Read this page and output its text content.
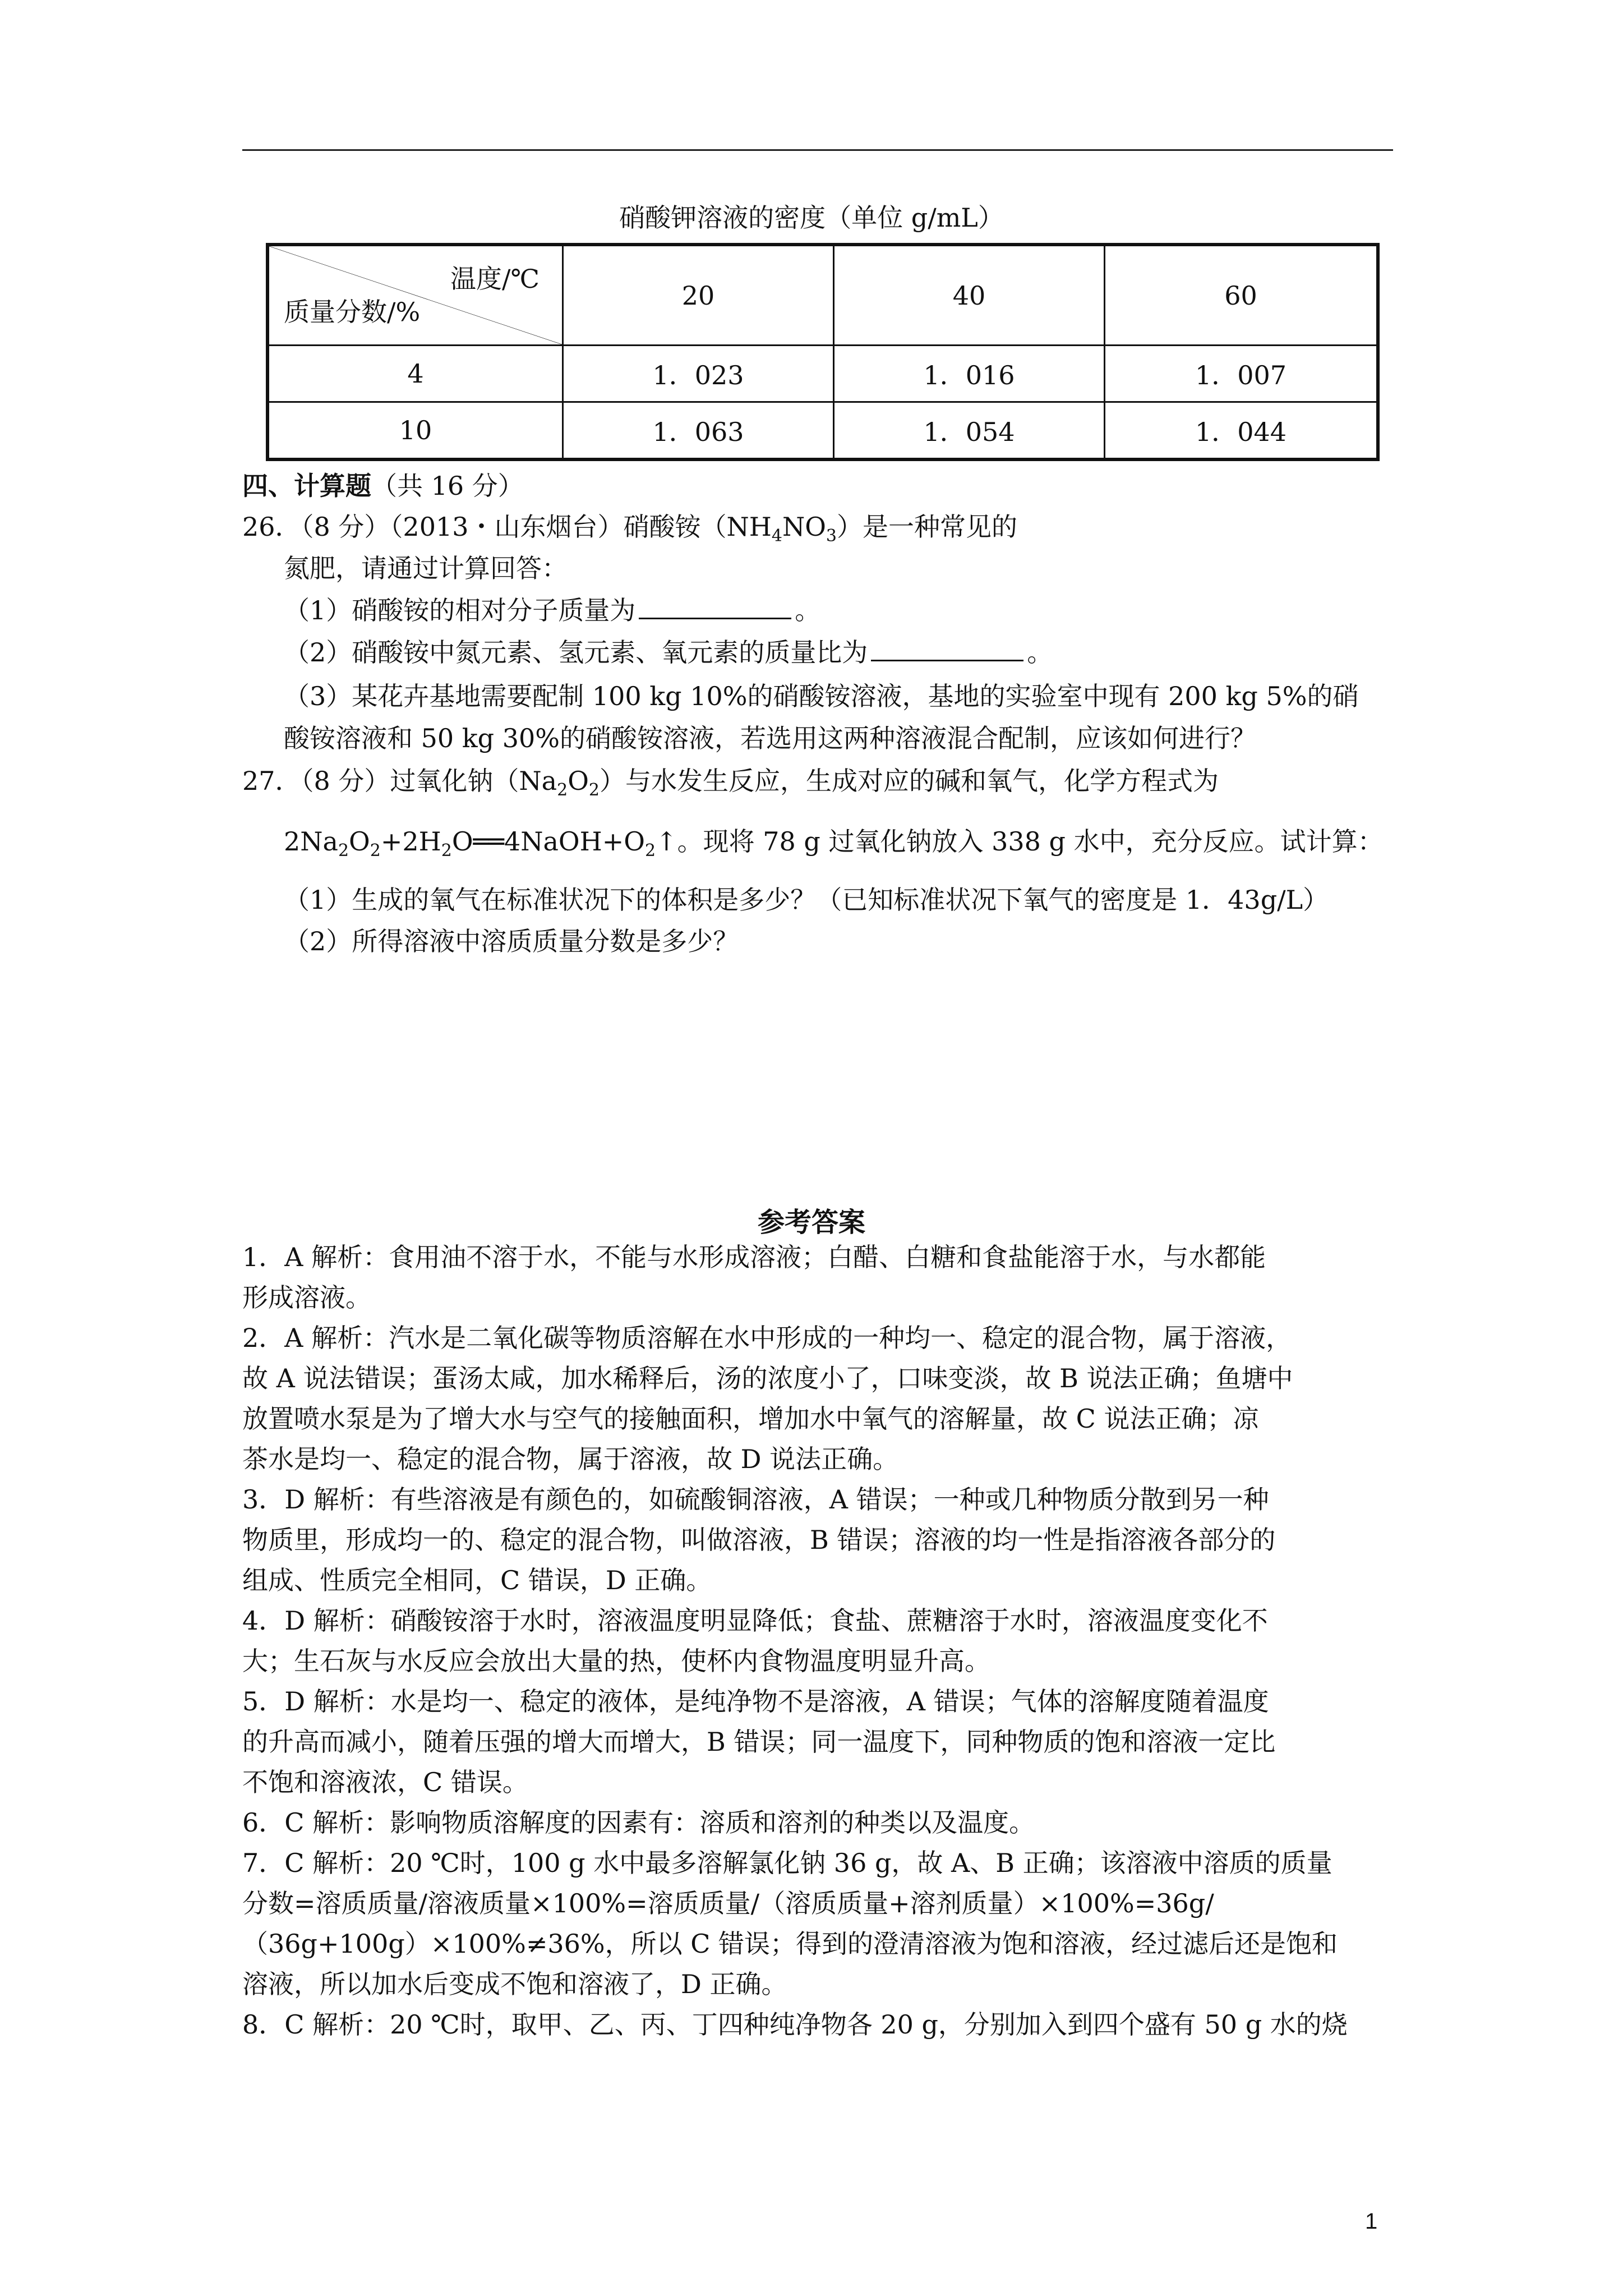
硝酸钾溶液的密度（单位 g/mL）
温度/℃
质量分数/%	20	40	60
4	1．023	1．016	1．007
10	1．063	1．054	1．044
四、计算题（共 16 分）
26．（8 分）（2013・山东烟台）硝酸铵$(NH_4NO_3)$是一种常见的
氮肥，请通过计算回答：
（1）硝酸铵的相对分子质量为	。
（2）硝酸铵中氮元素、氢元素、氧元素的质量比为	。
（3）某花卉基地需要配制 100 kg 10%的硝酸铵溶液，基地的实验室中现有 200 kg 5%的硝
酸铵溶液和 50 kg 30%的硝酸铵溶液，若选用这两种溶液混合配制，应该如何进行？
27．（8 分）过氧化钠$(Na_2O_2)$与水发生反应，生成对应的碱和氧气，化学方程式为
$2Na_2O_2+2H_2O══4NaOH+O_2↑$。现将 78 g 过氧化钠放入 338 g 水中，充分反应。试计算：
（1）生成的氧气在标准状况下的体积是多少？（已知标准状况下氧气的密度是 1．43g/L）
（2）所得溶液中溶质质量分数是多少？
参考答案
1．A 解析：食用油不溶于水，不能与水形成溶液；白醋、白糖和食盐能溶于水，与水都能
形成溶液。
2．A 解析：汽水是二氧化碳等物质溶解在水中形成的一种均一、稳定的混合物，属于溶液，
故 A 说法错误；蛋汤太咸，加水稀释后，汤的浓度小了，口味变淡，故 B 说法正确；鱼塘中
放置喷水泵是为了增大水与空气的接触面积，增加水中氧气的溶解量，故 C 说法正确；凉
茶水是均一、稳定的混合物，属于溶液，故 D 说法正确。
3．D 解析：有些溶液是有颜色的，如硫酸铜溶液，A 错误；一种或几种物质分散到另一种
物质里，形成均一的、稳定的混合物，叫做溶液，B 错误；溶液的均一性是指溶液各部分的
组成、性质完全相同，C 错误，D 正确。
4．D 解析：硝酸铵溶于水时，溶液温度明显降低；食盐、蔗糖溶于水时，溶液温度变化不
大；生石灰与水反应会放出大量的热，使杯内食物温度明显升高。
5．D 解析：水是均一、稳定的液体，是纯净物不是溶液，A 错误；气体的溶解度随着温度
的升高而减小，随着压强的增大而增大，B 错误；同一温度下，同种物质的饱和溶液一定比
不饱和溶液浓，C 错误。
6．C 解析：影响物质溶解度的因素有：溶质和溶剂的种类以及温度。
7．C 解析：20 ℃时，100 g 水中最多溶解氯化钠 36 g，故 A、B 正确；该溶液中溶质的质量
分数=溶质质量/溶液质量×100%=溶质质量/（溶质质量+溶剂质量）×100%=36g/
（36g+100g）×100%≠36%，所以 C 错误；得到的澄清溶液为饱和溶液，经过滤后还是饱和
溶液，所以加水后变成不饱和溶液了，D 正确。
8．C 解析：20 ℃时，取甲、乙、丙、丁四种纯净物各 20 g，分别加入到四个盛有 50 g 水的烧
1
